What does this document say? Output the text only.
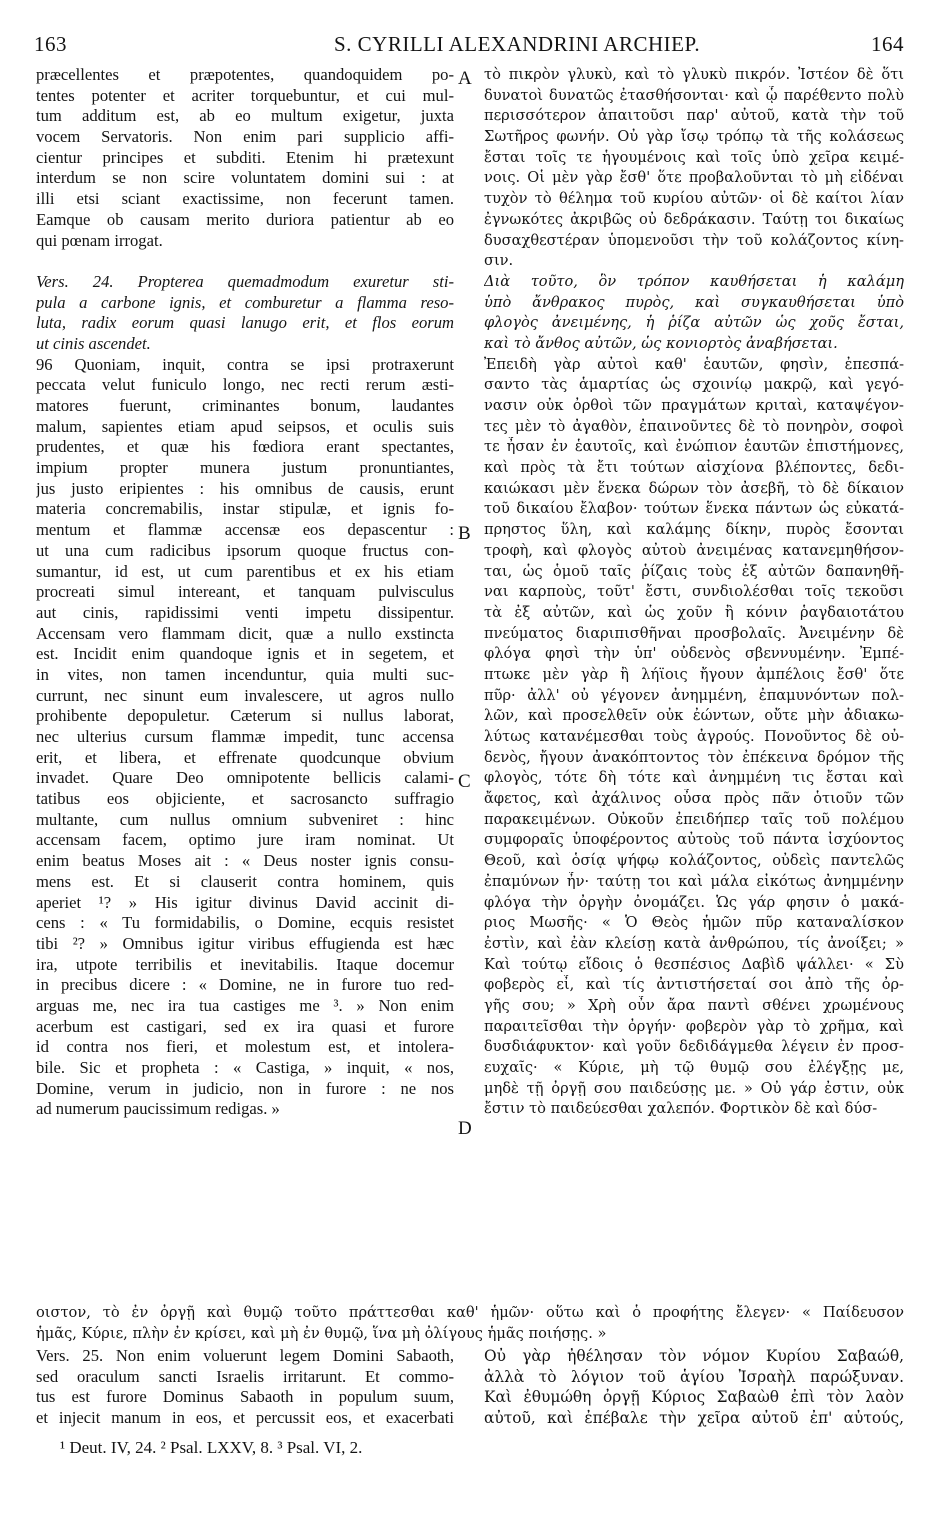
163	S. CYRILLI ALEXANDRINI ARCHIEP.	164
præcellentes et præpotentes, quandoquidem po-
tentes potenter et acriter torquebuntur, et cui mul-
tum additum est, ab eo multum exigetur, juxta
vocem Servatoris. Non enim pari supplicio affi-
cientur principes et subditi. Etenim hi prætexunt
interdum se non scire voluntatem domini sui : at
illi etsi sciant exactissime, non fecerunt tamen.
Eamque ob causam merito duriora patientur ab eo
qui pœnam irrogat.
Vers. 24. Propterea quemadmodum exuretur sti-
pula a carbone ignis, et comburetur a flamma reso-
luta, radix eorum quasi lanugo erit, et flos eorum
ut cinis ascendet.
96 Quoniam, inquit, contra se ipsi protraxerunt
peccata velut funiculo longo, nec recti rerum æsti-
matores fuerunt, criminantes bonum, laudantes
malum, sapientes etiam apud seipsos, et oculis suis
prudentes, et quæ his fœdiora erant spectantes,
impium propter munera justum pronuntiantes,
jus justo eripientes : his omnibus de causis, erunt
materia concremabilis, instar stipulæ, et ignis fo-
mentum et flammæ accensæ eos depascentur :
ut una cum radicibus ipsorum quoque fructus con-
sumantur, id est, ut cum parentibus et ex his etiam
procreati simul intereant, et tanquam pulvisculus
aut cinis, rapidissimi venti impetu dissipentur.
Accensam vero flammam dicit, quæ a nullo exstincta
est. Incidit enim quandoque ignis et in segetem, et
in vites, non tamen incenduntur, quia multi suc-
currunt, nec sinunt eum invalescere, ut agros nullo
prohibente depopuletur. Cæterum si nullus laborat,
nec ulterius cursum flammæ impedit, tunc accensa
erit, et libera, et effrenate quodcunque obvium
invadet. Quare Deo omnipotente bellicis calami-
tatibus eos objiciente, et sacrosancto suffragio
multante, cum nullus omnium subveniret : hinc
accensam facem, optimo jure iram nominat. Ut
enim beatus Moses ait : « Deus noster ignis consu-
mens est. Et si clauserit contra hominem, quis
aperiet ¹? » His igitur divinus David accinit di-
cens : « Tu formidabilis, o Domine, ecquis resistet
tibi ²? » Omnibus igitur viribus effugienda est hæc
ira, utpote terribilis et inevitabilis. Itaque docemur
in precibus dicere : « Domine, ne in furore tuo red-
arguas me, nec ira tua castiges me ³. » Non enim
acerbum est castigari, sed ex ira quasi et furore
id contra nos fieri, et molestum est, et intolera-
bile. Sic et propheta : « Castiga, » inquit, « nos,
Domine, verum in judicio, non in furore : ne nos
ad numerum paucissimum redigas. »
τὸ πικρὸν γλυκὺ, καὶ τὸ γλυκὺ πικρόν. Ἰστέον δὲ ὅτι
δυνατοὶ δυνατῶς ἐτασθήσονται· καὶ ᾧ παρέθεντο πολὺ
περισσότερον ἀπαιτοῦσι παρ' αὐτοῦ, κατὰ τὴν τοῦ
Σωτῆρος φωνήν. Οὐ γὰρ ἴσῳ τρόπῳ τὰ τῆς κολάσεως
ἔσται τοῖς τε ἡγουμένοις καὶ τοῖς ὑπὸ χεῖρα κειμέ-
νοις. Οἱ μὲν γὰρ ἔσθ' ὅτε προβαλοῦνται τὸ μὴ εἰδέναι
τυχὸν τὸ θέλημα τοῦ κυρίου αὐτῶν· οἱ δὲ καίτοι λίαν
ἐγνωκότες ἀκριβῶς οὐ δεδράκασιν. Ταύτῃ τοι δικαίως
δυσαχθεστέραν ὑπομενοῦσι τὴν τοῦ κολάζοντος κίνη-
σιν.
Διὰ τοῦτο, ὃν τρόπον καυθήσεται ἡ καλάμη
ὑπὸ ἄνθρακος πυρὸς, καὶ συγκαυθήσεται ὑπὸ
φλογὸς ἀνειμένης, ἡ ῥίζα αὐτῶν ὡς χοῦς ἔσται,
καὶ τὸ ἄνθος αὐτῶν, ὡς κονιορτὸς ἀναβήσεται.
Ἐπειδὴ γὰρ αὐτοὶ καθ' ἑαυτῶν, φησὶν, ἐπεσπά-
σαντο τὰς ἁμαρτίας ὡς σχοινίῳ μακρῷ, καὶ γεγό-
νασιν οὐκ ὀρθοὶ τῶν πραγμάτων κριταὶ, καταψέγον-
τες μὲν τὸ ἀγαθὸν, ἐπαινοῦντες δὲ τὸ πονηρὸν, σοφοὶ
τε ἦσαν ἐν ἑαυτοῖς, καὶ ἐνώπιον ἑαυτῶν ἐπιστήμονες,
καὶ πρὸς τὰ ἔτι τούτων αἰσχίονα βλέποντες, δεδι-
καιώκασι μὲν ἕνεκα δώρων τὸν ἀσεβῆ, τὸ δὲ δίκαιον
τοῦ δικαίου ἔλαβον· τούτων ἕνεκα πάντων ὡς εὐκατά-
πρηστος ὕλη, καὶ καλάμης δίκην, πυρὸς ἔσονται
τροφὴ, καὶ φλογὸς αὐτοὺ ἀνειμένας κατανεμηθήσον-
ται, ὡς ὁμοῦ ταῖς ῥίζαις τοὺς ἐξ αὐτῶν δαπανηθῆ-
ναι καρποὺς, τοῦτ' ἔστι, συνδιολέσθαι τοῖς τεκοῦσι
τὰ ἐξ αὐτῶν, καὶ ὡς χοῦν ἢ κόνιν ῥαγδαιοτάτου
πνεύματος διαριπισθῆναι προσβολαῖς. Ἀνειμένην δὲ
φλόγα φησὶ τὴν ὑπ' οὐδενὸς σβεννυμένην. Ἐμπέ-
πτωκε μὲν γὰρ ἢ λήϊοις ἤγουν ἀμπέλοις ἔσθ' ὅτε
πῦρ· ἀλλ' οὐ γέγονεν ἀνημμένη, ἐπαμυνόντων πολ-
λῶν, καὶ προσελθεῖν οὐκ ἐώντων, οὔτε μὴν ἀδιακω-
λύτως κατανέμεσθαι τοὺς ἀγρούς. Πονοῦντος δὲ οὐ-
δενὸς, ἤγουν ἀνακόπτοντος τὸν ἐπέκεινα δρόμον τῆς
φλογὸς, τότε δὴ τότε καὶ ἀνημμένη τις ἔσται καὶ
ἄφετος, καὶ ἀχάλινος οὖσα πρὸς πᾶν ὁτιοῦν τῶν
παρακειμένων. Οὐκοῦν ἐπειδήπερ ταῖς τοῦ πολέμου
συμφοραῖς ὑποφέροντος αὐτοὺς τοῦ πάντα ἰσχύοντος
Θεοῦ, καὶ ὁσίᾳ ψήφῳ κολάζοντος, οὐδεὶς παντελῶς
ἐπαμύνων ἦν· ταύτῃ τοι καὶ μάλα εἰκότως ἀνημμένην
φλόγα τὴν ὀργὴν ὀνομάζει. Ὡς γάρ φησιν ὁ μακά-
ριος Μωσῆς· « Ὁ Θεὸς ἡμῶν πῦρ καταναλίσκον
ἐστὶν, καὶ ἐὰν κλείσῃ κατὰ ἀνθρώπου, τίς ἀνοίξει; »
Καὶ τούτῳ εἴδοις ὁ θεσπέσιος Δαβὶδ ψάλλει· « Σὺ
φοβερὸς εἶ, καὶ τίς ἀντιστήσεταί σοι ἀπὸ τῆς ὀρ-
γῆς σου; » Χρὴ οὖν ἄρα παντὶ σθένει χρωμένους
παραιτεῖσθαι τὴν ὀργήν· φοβερὸν γὰρ τὸ χρῆμα, καὶ
δυσδιάφυκτον· καὶ γοῦν δεδιδάγμεθα λέγειν ἐν προσ-
ευχαῖς· « Κύριε, μὴ τῷ θυμῷ σου ἐλέγξῃς με,
μηδὲ τῇ ὀργῇ σου παιδεύσῃς με. » Οὐ γάρ ἐστιν, οὐκ
ἔστιν τὸ παιδεύεσθαι χαλεπόν. Φορτικὸν δὲ καὶ δύσ-
A
B
C
D
οιστον, τὸ ἐν ὀργῇ καὶ θυμῷ τοῦτο πράττεσθαι καθ' ἡμῶν· οὕτω καὶ ὁ προφήτης ἔλεγεν· « Παίδευσον
ἡμᾶς, Κύριε, πλὴν ἐν κρίσει, καὶ μὴ ἐν θυμῷ, ἵνα μὴ ὀλίγους ἡμᾶς ποιήσῃς. »
Vers. 25. Non enim voluerunt legem Domini Sabaoth,
sed oraculum sancti Israelis irritarunt. Et commo-
tus est furore Dominus Sabaoth in populum suum,
et injecit manum in eos, et percussit eos, et exacerbati
Οὐ γὰρ ἠθέλησαν τὸν νόμον Κυρίου Σαβαώθ,
ἀλλὰ τὸ λόγιον τοῦ ἁγίου Ἰσραὴλ παρώξυναν.
Καὶ ἐθυμώθη ὀργῇ Κύριος Σαβαὼθ ἐπὶ τὸν λαὸν
αὐτοῦ, καὶ ἐπέβαλε τὴν χεῖρα αὐτοῦ ἐπ' αὐτούς,
¹ Deut. IV, 24. ² Psal. LXXV, 8. ³ Psal. VI, 2.
